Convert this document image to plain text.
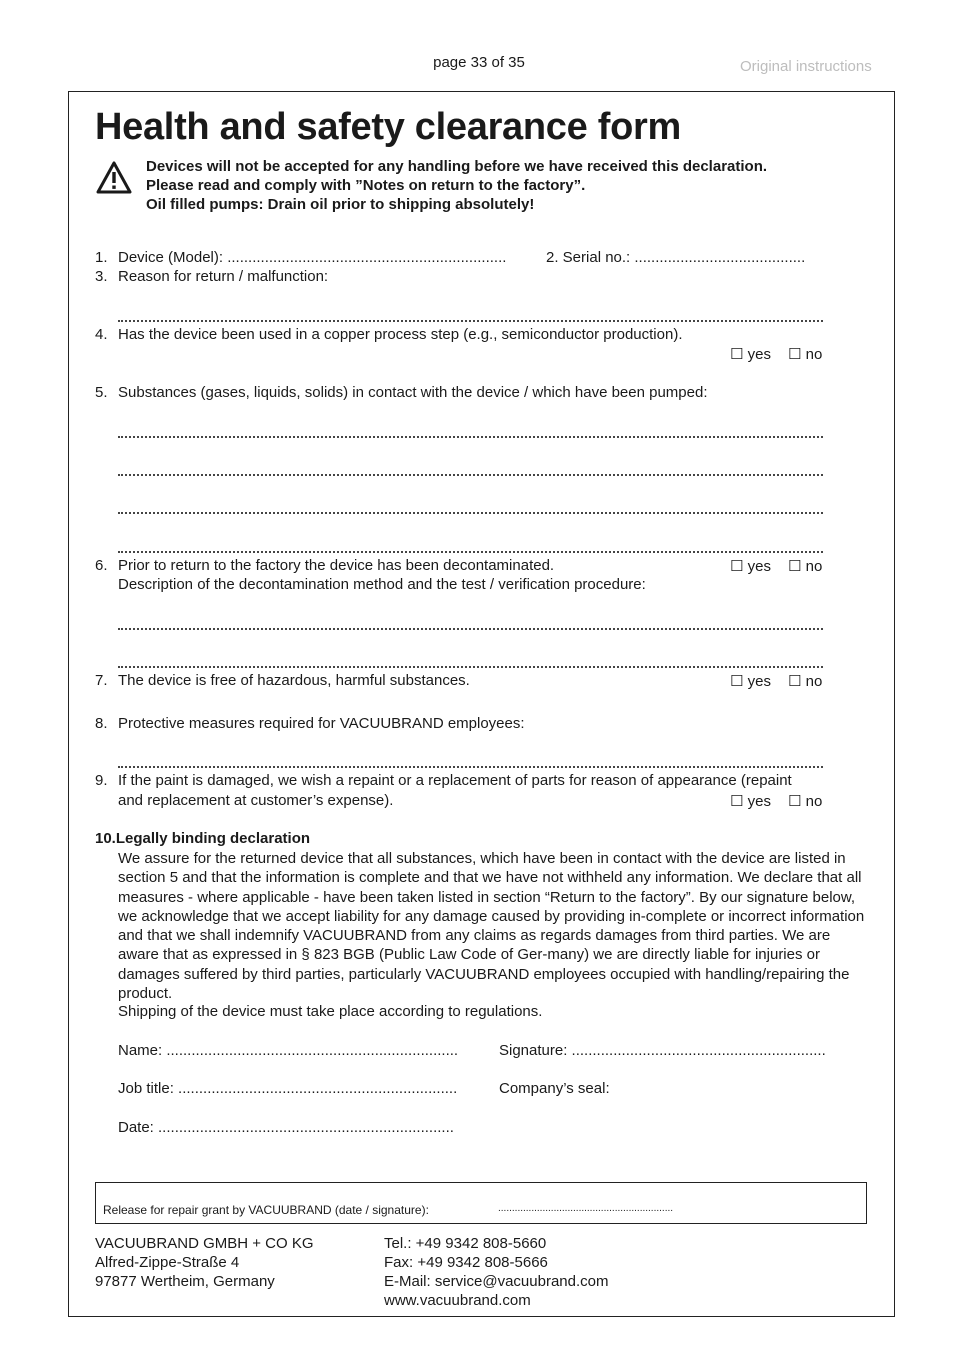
page 33 of 35	Original instructions
Health and safety clearance form
Devices will not be accepted for any handling before we have received this declaration.
Please read and comply with ”Notes on return to the factory”.
Oil filled pumps: Drain oil prior to shipping absolutely!
1. Device (Model): ...................................................................	2. Serial no.: .........................................
3. Reason for return / malfunction:
4. Has the device been used in a copper process step (e.g., semiconductor production).
☐ yes ☐ no
5. Substances (gases, liquids, solids) in contact with the device / which have been pumped:
6. Prior to return to the factory the device has been decontaminated.	☐ yes ☐ no
Description of the decontamination method and the test / verification procedure:
7. The device is free of hazardous, harmful substances.	☐ yes ☐ no
8. Protective measures required for VACUUBRAND employees:
9. If the paint is damaged, we wish a repaint or a replacement of parts for reason of appearance (repaint
and replacement at customer’s expense).	☐ yes ☐ no
10.Legally binding declaration
We assure for the returned device that all substances, which have been in contact with the device are listed in section 5 and that the information is complete and that we have not withheld any information. We declare that all measures - where applicable - have been taken listed in section “Return to the factory”. By our signature below, we acknowledge that we accept liability for any damage caused by providing in-complete or incorrect information and that we shall indemnify VACUUBRAND from any claims as regards damages from third parties. We are aware that as expressed in § 823 BGB (Public Law Code of Ger-many) we are directly liable for injuries or damages suffered by third parties, particularly VACUUBRAND employees occupied with handling/repairing the product.
Shipping of the device must take place according to regulations.
Name: ......................................................................	Signature: .............................................................
Job title: ...................................................................	Company’s seal:
Date: .......................................................................
Release for repair grant by VACUUBRAND (date / signature):	...............................................................
VACUUBRAND GMBH + CO KG
Alfred-Zippe-Straße 4
97877 Wertheim, Germany
Tel.: +49 9342 808-5660
Fax: +49 9342 808-5666
E-Mail: service@vacuubrand.com
www.vacuubrand.com
